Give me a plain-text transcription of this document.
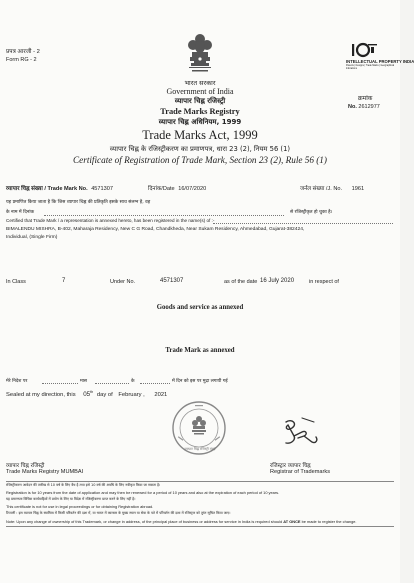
प्रपत्र आरजी - 2
Form RG - 2
भारत सरकार
Government of India
व्यापार चिह्न रजिस्ट्री
Trade Marks Registry
व्यापार चिह्न अधिनियम, 1999
Trade Marks Act, 1999
व्यापार चिह्न के रजिस्ट्रीकरण का प्रमाणपत्र, धारा 23 (2), नियम 56 (1)
Certificate of Registration of Trade Mark, Section 23 (2), Rule 56 (1)
INTELLECTUAL PROPERTY INDIA
Patents | Designs | Trade Marks | Geographical Indications
क्रमांक
No. 2612977
व्यापार चिह्न संख्या / Trade Mark No. 4571307	दिनांक/Date 16/07/2020	जर्नल संख्या /J. No. 1961
यह प्रमाणित किया जाता है कि जिस व्यापार चिह्न की प्रतिकृति इसके साथ संलग्न है, वह
के नाम में दिनांक	से रजिस्ट्रीकृत हो चुका है।
Certified that Trade Mark / a representation is annexed hereto, has been registered in the name(s) of :-
BIMALENDU MISHRA, B-402, Maharaja Residency, New C G Road, Chandkheda, Near Sukam Residency, Ahmedabad, Gujarat-382424,
Individual, (Single Firm)
In Class	7	Under No.	4571307	as of the date 16 July 2020	in respect of
Goods and service as annexed
Trade Mark as annexed
मेरे निदेश पर	मास	के	में दिन को इस पर मुद्रा लगायी गई
Sealed at my direction, this 05th day of February , 2021
व्यापार चिह्न रजिस्ट्री मुंबई
व्यापार चिह्न रजिस्ट्री
Trade Marks Registry MUMBAI
रजिस्ट्रार व्यापार चिह्न
Registrar of Trademarks
रजिस्ट्रीकरण आवेदन की तारीख से 10 वर्ष के लिए वैध है तथा इसे 10 वर्ष की अवधि के लिए नवीकृत किया जा सकता है।
Registration is for 10 years from the date of application and may then be renewed for a period of 10 years and also at the expiration of each period of 10 years.
यह प्रमाणपत्र विधिक कार्यवाहियों में प्रयोग के लिए या विदेश में रजिस्ट्रीकरण प्राप्त करने के लिए नहीं है।
This certificate is not for use in legal proceedings or for obtaining Registration abroad.
टिप्पणी : इस व्यापार चिह्न के स्वामित्व में किसी परिवर्तन की दशा में, या भारत में कारबार के मुख्य स्थान या सेवा के पते में परिवर्तन की दशा में रजिस्ट्रार को तुरंत सूचित किया जाए।
Note: Upon any change of ownership of this Trademark, or change in address, of the principal place of business or address for service in India is required should AT ONCE be made to register the change.
